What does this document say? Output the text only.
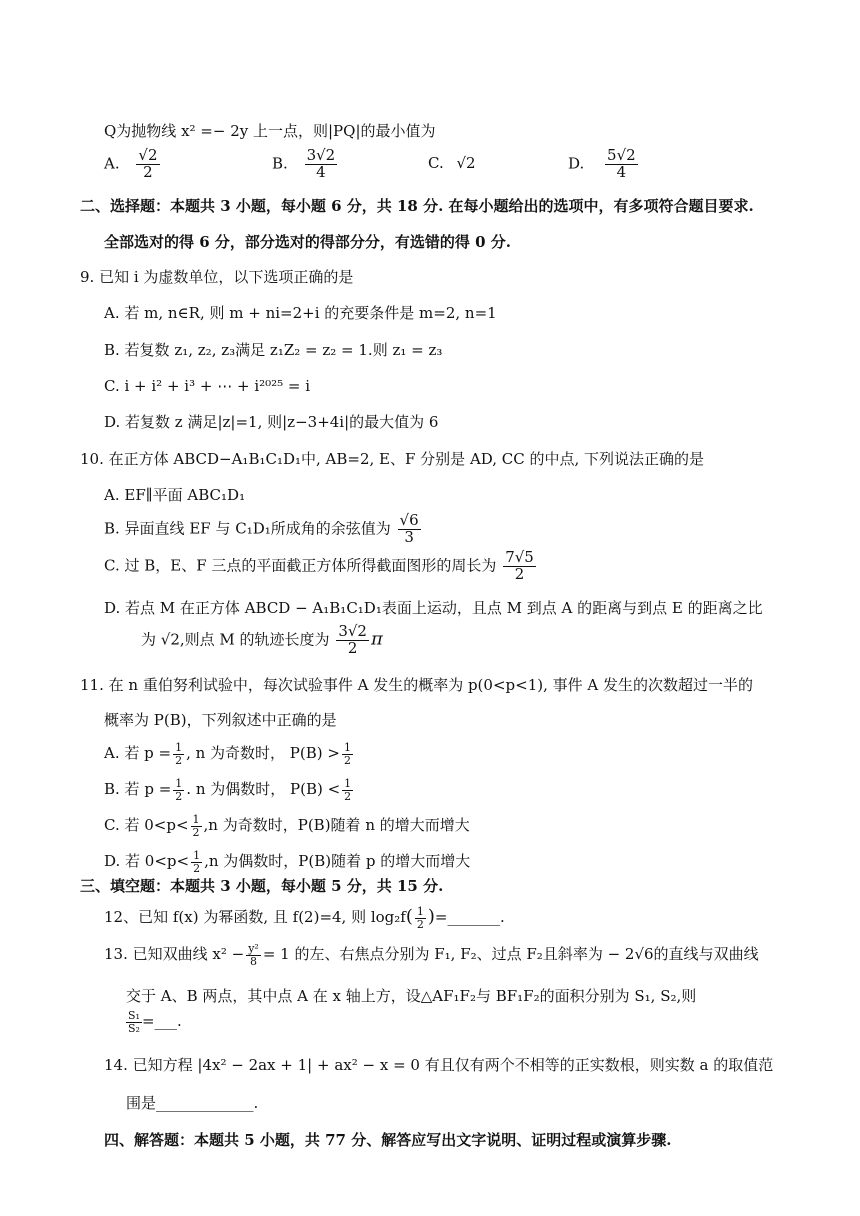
Q为抛物线 x² =− 2y 上一点，则|PQ|的最小值为
A. $\frac{√2}{2}$	B. $\frac{3√2}{4}$	C. √2	D. $\frac{5√2}{4}$
二、选择题：本题共 3 小题，每小题 6 分，共 18 分. 在每小题给出的选项中，有多项符合题目要求.
全部选对的得 6 分，部分选对的得部分分，有选错的得 0 分.
9. 已知 i 为虚数单位，以下选项正确的是
A. 若 m, n∈R, 则 m + ni=2+i 的充要条件是 m=2, n=1
B. 若复数 z₁, z₂, z₃满足 z₁Z₂ = z₂ = 1.则 z₁ = z₃
C. i + i² + i³ + ⋯ + i²⁰²⁵ = i
D. 若复数 z 满足|z|=1, 则|z−3+4i|的最大值为 6
10. 在正方体 ABCD−A₁B₁C₁D₁中, AB=2, E、F 分别是 AD, CC 的中点, 下列说法正确的是
A. EF∥平面 ABC₁D₁
B. 异面直线 EF 与 C₁D₁所成角的余弦值为 $\frac{√6}{3}$
C. 过 B，E、F 三点的平面截正方体所得截面图形的周长为 $\frac{7√5}{2}$
D. 若点 M 在正方体 ABCD − A₁B₁C₁D₁表面上运动，且点 M 到点 A 的距离与到点 E 的距离之比
为 √2,则点 M 的轨迹长度为 $\frac{3√2}{2}$ π
11. 在 n 重伯努利试验中，每次试验事件 A 发生的概率为 p(0<p<1), 事件 A 发生的次数超过一半的
概率为 P(B)，下列叙述中正确的是
A. 若 $p = \frac{1}{2}$ , n 为奇数时， $P(B) > \frac{1}{2}$
B. 若 $p = \frac{1}{2}$ . n 为偶数时， $P(B) < \frac{1}{2}$
C. 若 $0<p< \frac{1}{2} ,n$ 为奇数时，P(B)随着 n 的增大而增大
D. 若 $0<p< \frac{1}{2} ,n$ 为偶数时，P(B)随着 p 的增大而增大
三、填空题：本题共 3 小题，每小题 5 分，共 15 分.
12、已知 f(x) 为幂函数, 且 f(2)=4, 则 $\log_2f( \frac{1}{2}$ )=_______.
13. 已知双曲线 $x^2 - \frac{\text{y²}}{8} = 1$ 的左、右焦点分别为 F₁, F₂、过点 F₂且斜率为 − 2√6的直线与双曲线
交于 A、B 两点，其中点 A 在 x 轴上方，设△AF₁F₂与 BF₁F₂的面积分别为 S₁, S₂,则
$\frac{\text{S₁}}{\text{S₂}}$ =___.
14. 已知方程 |4x² − 2ax + 1| + ax² − x = 0 有且仅有两个不相等的正实数根，则实数 a 的取值范
围是_____________.
四、解答题：本题共 5 小题，共 77 分、解答应写出文字说明、证明过程或演算步骤.
